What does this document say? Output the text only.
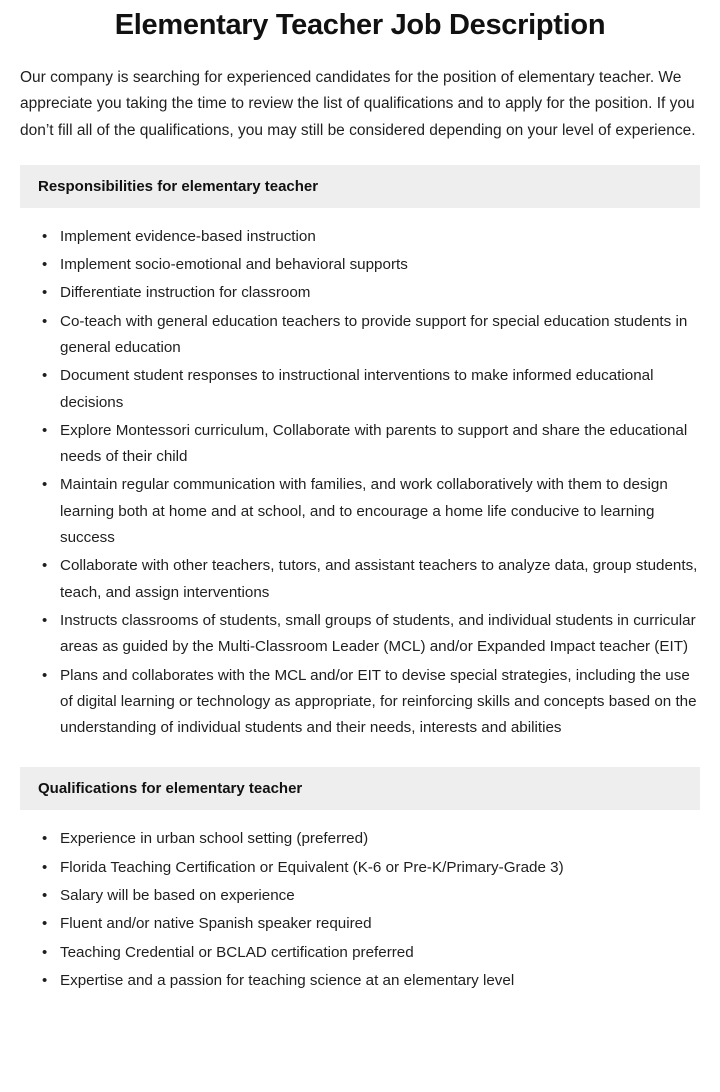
Elementary Teacher Job Description

Our company is searching for experienced candidates for the position of elementary teacher. We appreciate you taking the time to review the list of qualifications and to apply for the position. If you don’t fill all of the qualifications, you may still be considered depending on your level of experience.

Responsibilities for elementary teacher
• Implement evidence-based instruction
• Implement socio-emotional and behavioral supports
• Differentiate instruction for classroom
• Co-teach with general education teachers to provide support for special education students in general education
• Document student responses to instructional interventions to make informed educational decisions
• Explore Montessori curriculum, Collaborate with parents to support and share the educational needs of their child
• Maintain regular communication with families, and work collaboratively with them to design learning both at home and at school, and to encourage a home life conducive to learning success
• Collaborate with other teachers, tutors, and assistant teachers to analyze data, group students, teach, and assign interventions
• Instructs classrooms of students, small groups of students, and individual students in curricular areas as guided by the Multi-Classroom Leader (MCL) and/or Expanded Impact teacher (EIT)
• Plans and collaborates with the MCL and/or EIT to devise special strategies, including the use of digital learning or technology as appropriate, for reinforcing skills and concepts based on the understanding of individual students and their needs, interests and abilities
Qualifications for elementary teacher
• Experience in urban school setting (preferred)
• Florida Teaching Certification or Equivalent (K-6 or Pre-K/Primary-Grade 3)
• Salary will be based on experience
• Fluent and/or native Spanish speaker required
• Teaching Credential or BCLAD certification preferred
• Expertise and a passion for teaching science at an elementary level
